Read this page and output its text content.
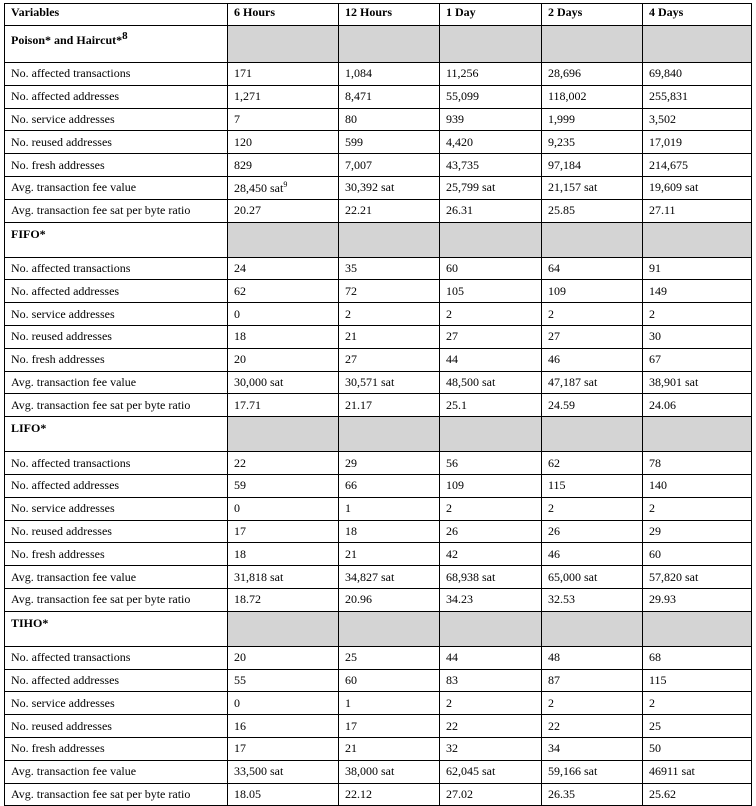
Variables	6 Hours	12 Hours	1 Day	2 Days	4 Days
Poison* and Haircut*$^8$					
No. affected transactions	171	1,084	11,256	28,696	69,840
No. affected addresses	1,271	8,471	55,099	118,002	255,831
No. service addresses	7	80	939	1,999	3,502
No. reused addresses	120	599	4,420	9,235	17,019
No. fresh addresses	829	7,007	43,735	97,184	214,675
Avg. transaction fee value	28,450 sat$^9$	30,392 sat	25,799 sat	21,157 sat	19,609 sat
Avg. transaction fee sat per byte ratio	20.27	22.21	26.31	25.85	27.11
FIFO*					
No. affected transactions	24	35	60	64	91
No. affected addresses	62	72	105	109	149
No. service addresses	0	2	2	2	2
No. reused addresses	18	21	27	27	30
No. fresh addresses	20	27	44	46	67
Avg. transaction fee value	30,000 sat	30,571 sat	48,500 sat	47,187 sat	38,901 sat
Avg. transaction fee sat per byte ratio	17.71	21.17	25.1	24.59	24.06
LIFO*					
No. affected transactions	22	29	56	62	78
No. affected addresses	59	66	109	115	140
No. service addresses	0	1	2	2	2
No. reused addresses	17	18	26	26	29
No. fresh addresses	18	21	42	46	60
Avg. transaction fee value	31,818 sat	34,827 sat	68,938 sat	65,000 sat	57,820 sat
Avg. transaction fee sat per byte ratio	18.72	20.96	34.23	32.53	29.93
TIHO*					
No. affected transactions	20	25	44	48	68
No. affected addresses	55	60	83	87	115
No. service addresses	0	1	2	2	2
No. reused addresses	16	17	22	22	25
No. fresh addresses	17	21	32	34	50
Avg. transaction fee value	33,500 sat	38,000 sat	62,045 sat	59,166 sat	46911 sat
Avg. transaction fee sat per byte ratio	18.05	22.12	27.02	26.35	25.62
